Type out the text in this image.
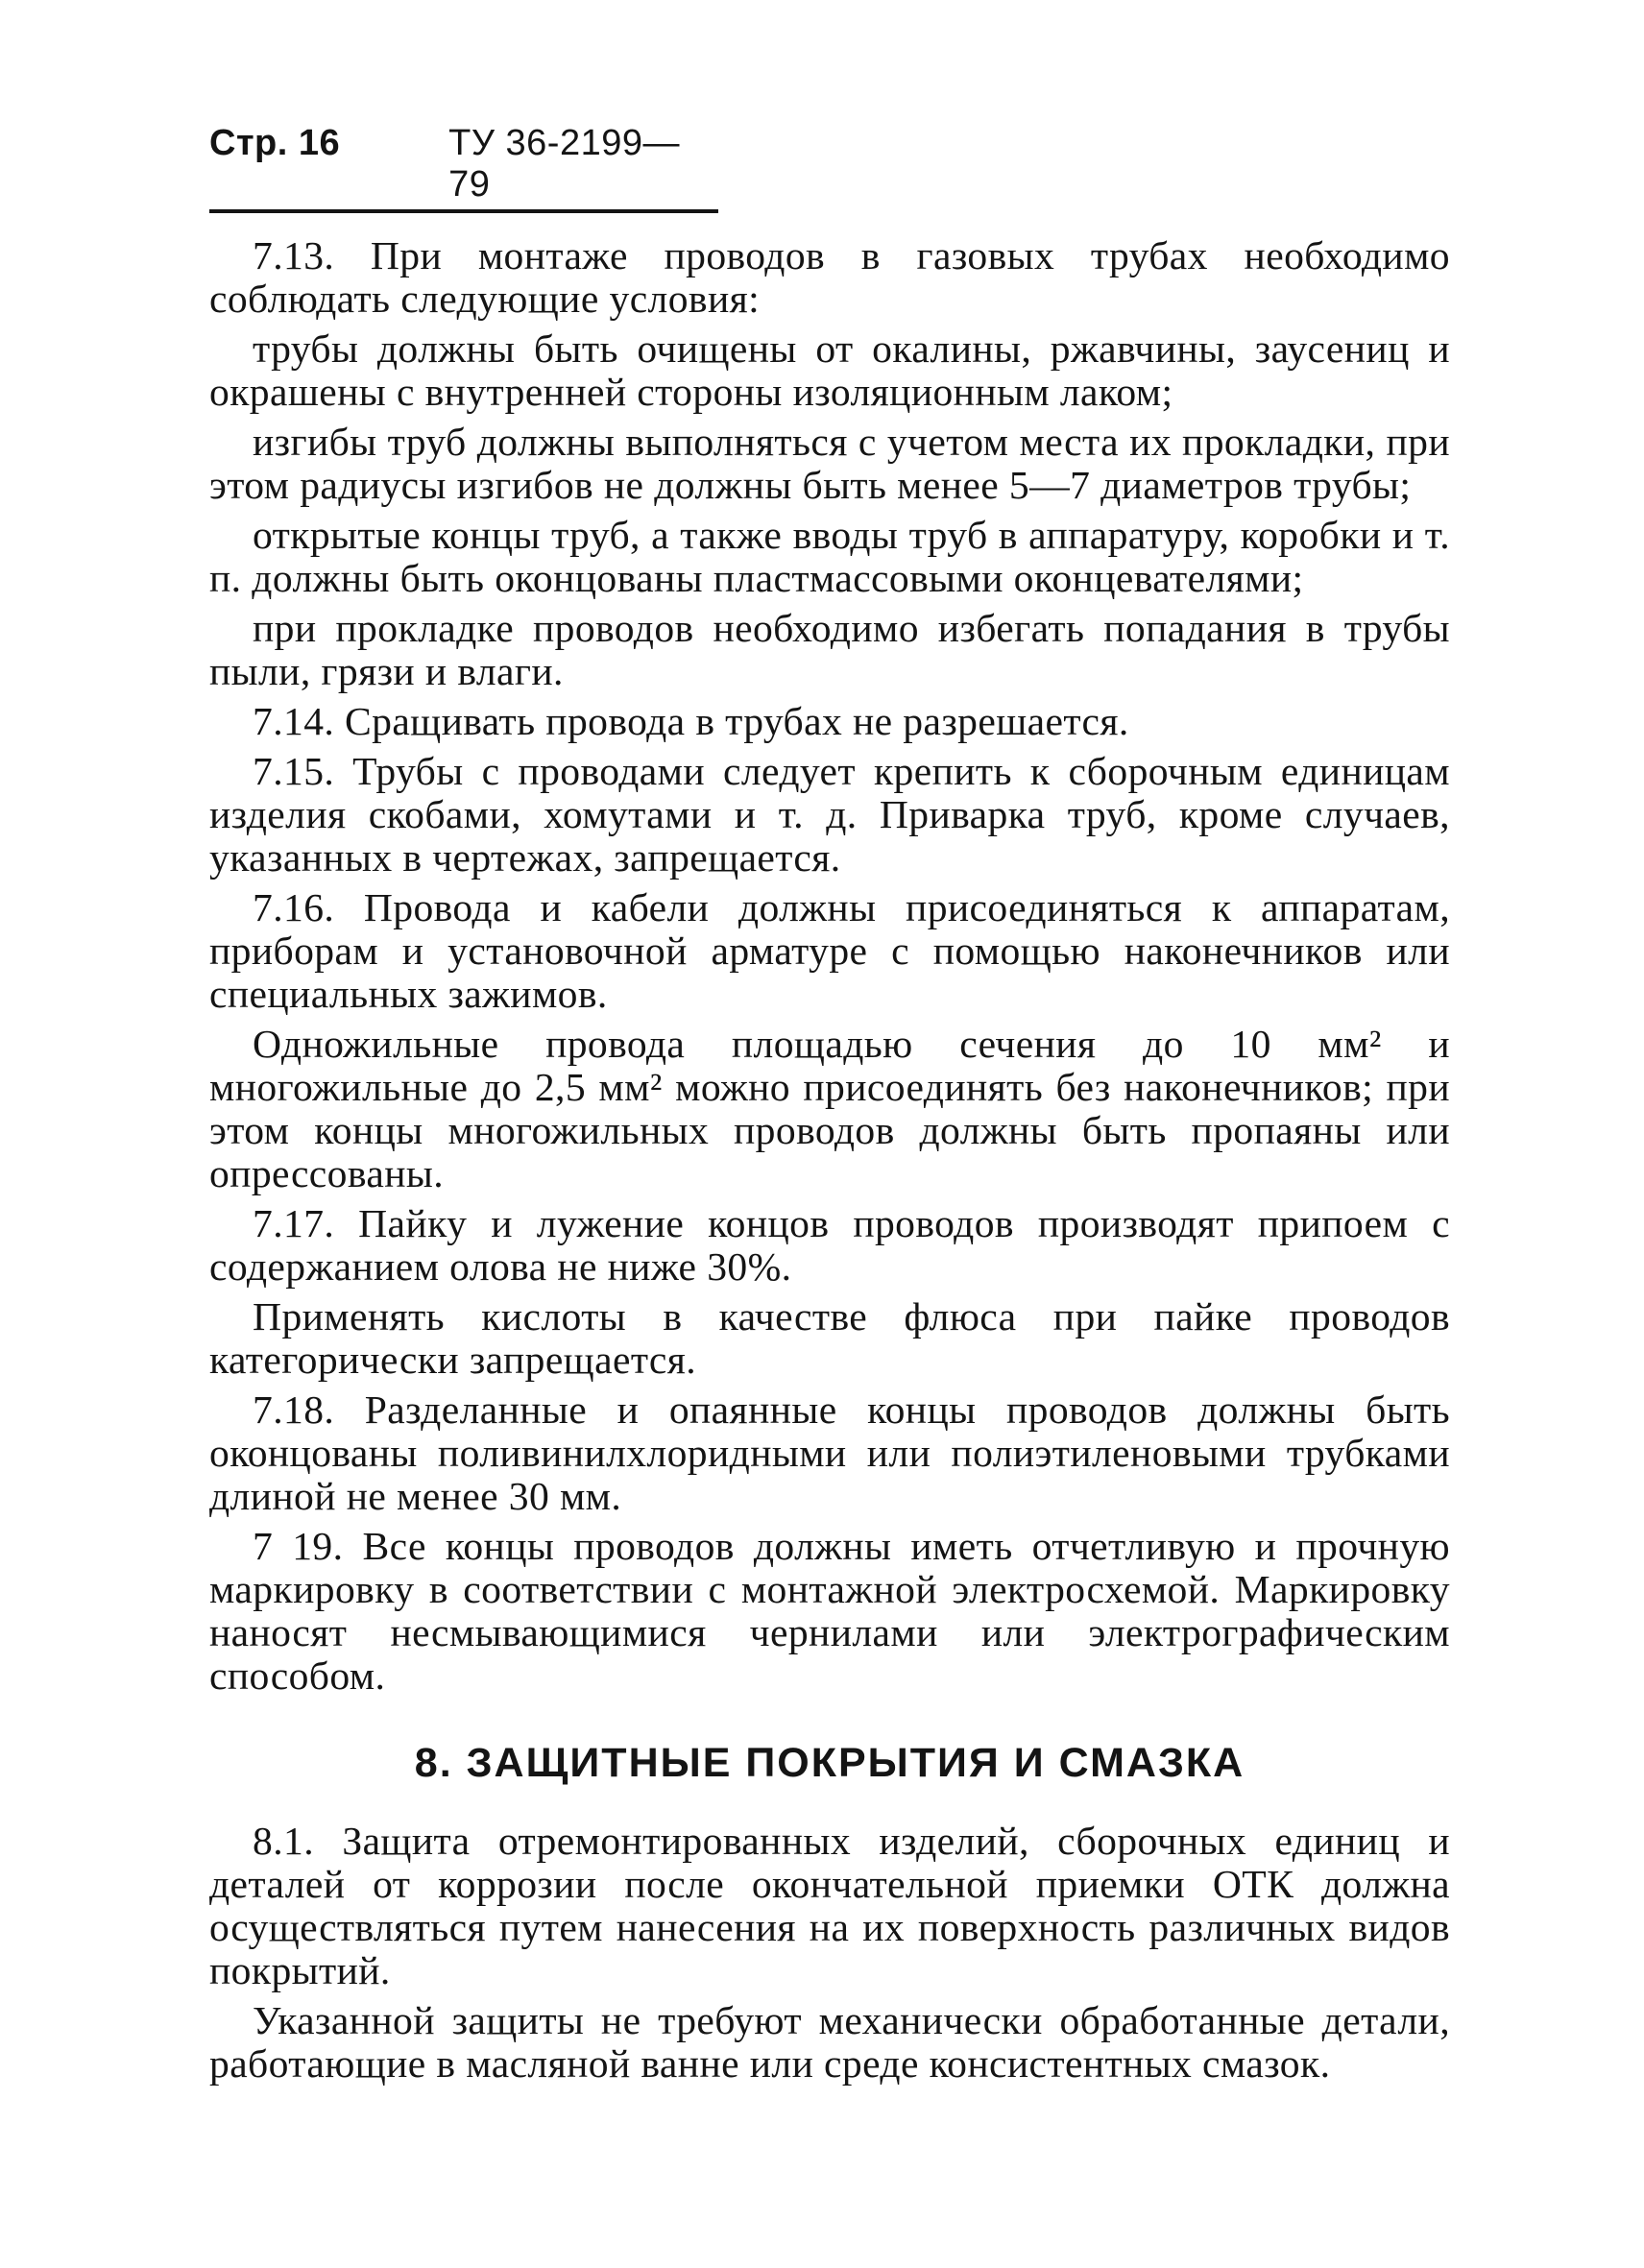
Стр. 16	ТУ 36-2199—79

7.13. При монтаже проводов в газовых трубах необходимо соблюдать следующие условия:

трубы должны быть очищены от окалины, ржавчины, заусениц и окрашены с внутренней стороны изоляционным лаком;

изгибы труб должны выполняться с учетом места их прокладки, при этом радиусы изгибов не должны быть менее 5—7 диаметров трубы;

открытые концы труб, а также вводы труб в аппаратуру, коробки и т. п. должны быть оконцованы пластмассовыми оконцевателями;

при прокладке проводов необходимо избегать попадания в трубы пыли, грязи и влаги.

7.14. Сращивать провода в трубах не разрешается.

7.15. Трубы с проводами следует крепить к сборочным единицам изделия скобами, хомутами и т. д. Приварка труб, кроме случаев, указанных в чертежах, запрещается.

7.16. Провода и кабели должны присоединяться к аппаратам, приборам и установочной арматуре с помощью наконечников или специальных зажимов.

Одножильные провода площадью сечения до 10 мм² и многожильные до 2,5 мм² можно присоединять без наконечников; при этом концы многожильных проводов должны быть пропаяны или опрессованы.

7.17. Пайку и лужение концов проводов производят припоем с содержанием олова не ниже 30%.

Применять кислоты в качестве флюса при пайке проводов категорически запрещается.

7.18. Разделанные и опаянные концы проводов должны быть оконцованы поливинилхлоридными или полиэтиленовыми трубками длиной не менее 30 мм.

7 19. Все концы проводов должны иметь отчетливую и прочную маркировку в соответствии с монтажной электросхемой. Маркировку наносят несмывающимися чернилами или электрографическим способом.

8. ЗАЩИТНЫЕ ПОКРЫТИЯ И СМАЗКА

8.1. Защита отремонтированных изделий, сборочных единиц и деталей от коррозии после окончательной приемки ОТК должна осуществляться путем нанесения на их поверхность различных видов покрытий.

Указанной защиты не требуют механически обработанные детали, работающие в масляной ванне или среде консистентных смазок.
